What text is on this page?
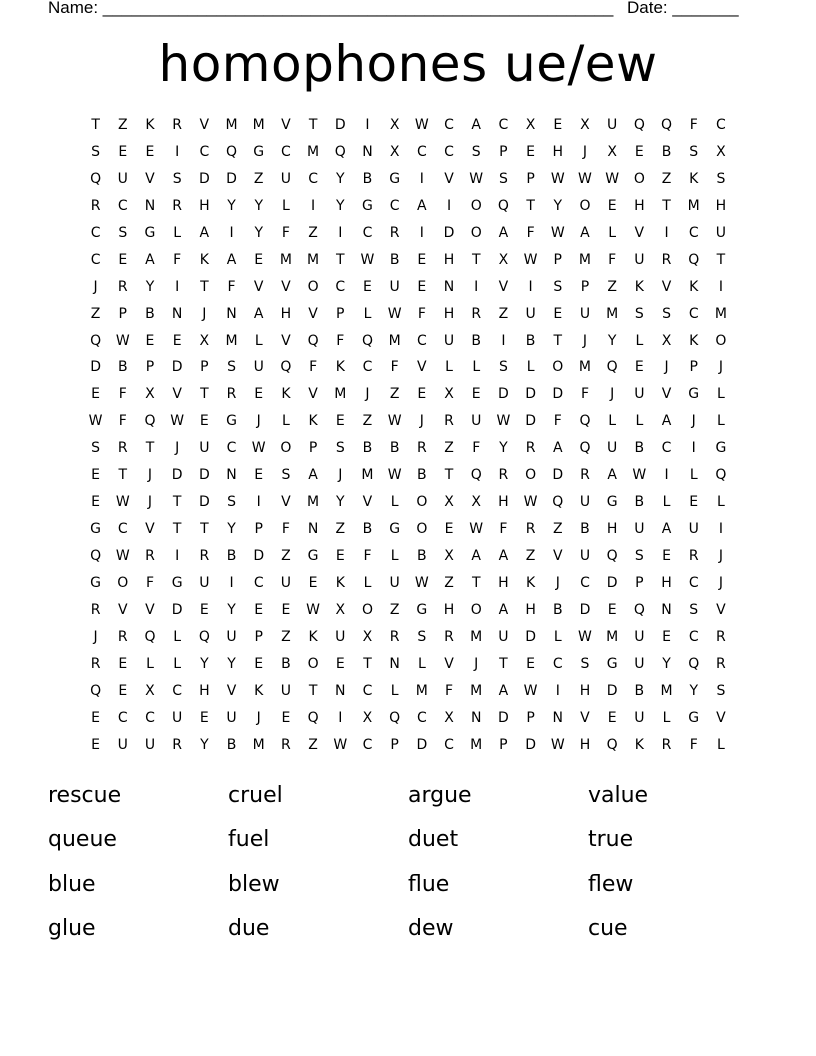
Name: ______________________________________________________ Date: _______
homophones ue/ew
T	Z	K	R	V	M	M	V	T	D	I	X	W	C	A	C	X	E	X	U	Q	Q	F	C
S	E	E	I	C	Q	G	C	M	Q	N	X	C	C	S	P	E	H	J	X	E	B	S	X
Q	U	V	S	D	D	Z	U	C	Y	B	G	I	V	W	S	P	W W W	O	Z	K	S
R	C	N	R	H	Y	Y	L	I	Y	G	C	A	I	O	Q	T	Y	O	E	H	T	M	H
C	S	G	L	A	I	Y	F	Z	I	C	R	I	D	O	A	F	W	A	L	V	I	C	U
C	E	A	F	K	A	E	M	M	T	W	B	E	H	T	X	W	P	M	F	U	R	Q	T
J	R	Y	I	T	F	V	V	O	C	E	U	E	N	I	V	I	S	P	Z	K	V	K	I
Z	P	B	N	J	N	A	H	V	P	L	W	F	H	R	Z	U	E	U	M	S	S	C	M
Q	W	E	E	X	M	L	V	Q	F	Q	M	C	U	B	I	B	T	J	Y	L	X	K	O
D	B	P	D	P	S	U	Q	F	K	C	F	V	L	L	S	L	O	M	Q	E	J	P	J
E	F	X	V	T	R	E	K	V	M	J	Z	E	X	E	D	D	D	F	J	U	V	G	L
W	F	Q	W	E	G	J	L	K	E	Z	W	J	R	U	W	D	F	Q	L	L	A	J	L
S	R	T	J	U	C	W	O	P	S	B	B	R	Z	F	Y	R	A	Q	U	B	C	I	G
E	T	J	D	D	N	E	S	A	J	M	W	B	T	Q	R	O	D	R	A	W	I	L	Q
E	W	J	T	D	S	I	V	M	Y	V	L	O	X	X	H	W	Q	U	G	B	L	E	L
G	C	V	T	T	Y	P	F	N	Z	B	G	O	E	W	F	R	Z	B	H	U	A	U	I
Q	W	R	I	R	B	D	Z	G	E	F	L	B	X	A	A	Z	V	U	Q	S	E	R	J
G	O	F	G	U	I	C	U	E	K	L	U	W	Z	T	H	K	J	C	D	P	H	C	J
R	V	V	D	E	Y	E	E	W	X	O	Z	G	H	O	A	H	B	D	E	Q	N	S	V
J	R	Q	L	Q	U	P	Z	K	U	X	R	S	R	M	U	D	L	W	M	U	E	C	R
R	E	L	L	Y	Y	E	B	O	E	T	N	L	V	J	T	E	C	S	G	U	Y	Q	R
Q	E	X	C	H	V	K	U	T	N	C	L	M	F	M	A	W	I	H	D	B	M	Y	S
E	C	C	U	E	U	J	E	Q	I	X	Q	C	X	N	D	P	N	V	E	U	L	G	V
E	U	U	R	Y	B	M	R	Z	W	C	P	D	C	M	P	D	W	H	Q	K	R	F	L
rescue	cruel	argue	value
queue	fuel	duet	true
blue	blew	flue	flew
glue	due	dew	cue
